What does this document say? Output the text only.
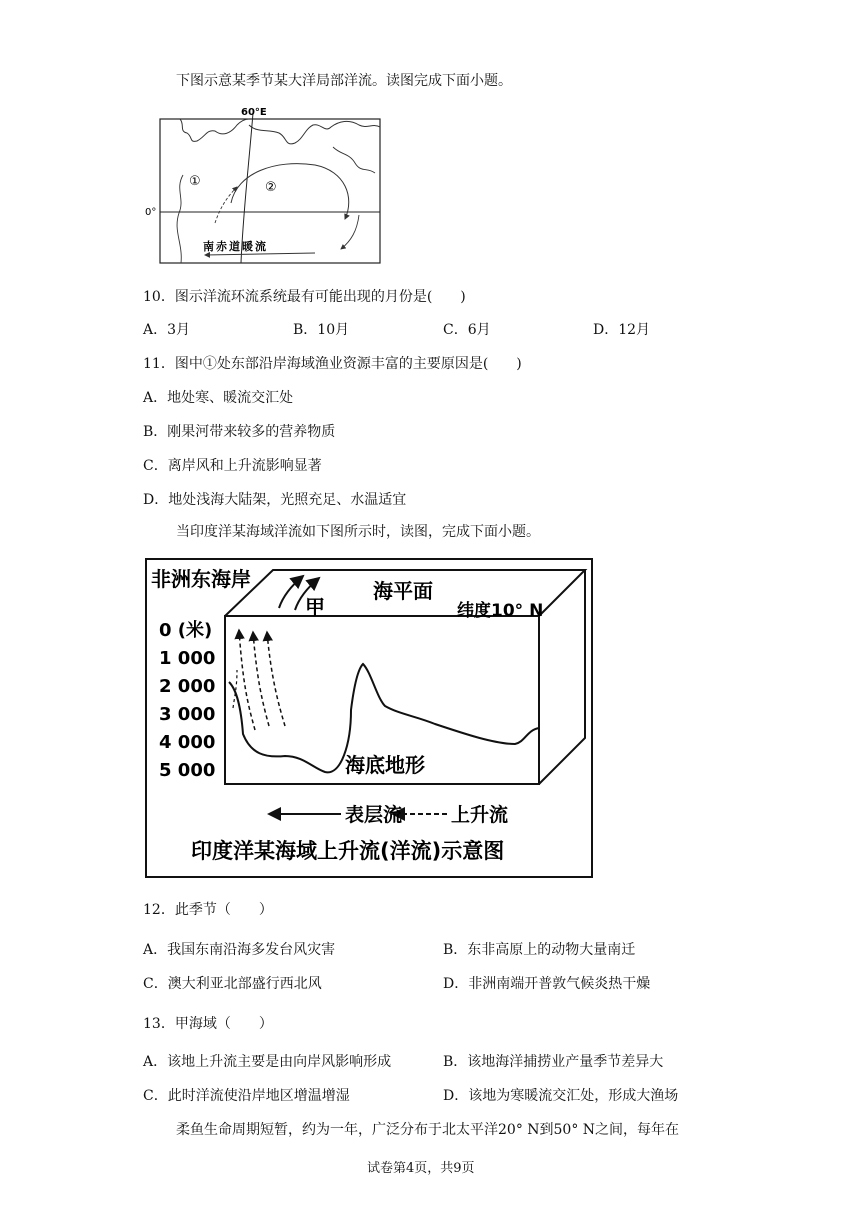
下图示意某季节某大洋局部洋流。读图完成下面小题。
60°E
0°
①	②
南赤道暖流
10．图示洋流环流系统最有可能出现的月份是(　　)
A．3月	B．10月	C．6月	D．12月
11．图中①处东部沿岸海域渔业资源丰富的主要原因是(　　)
A．地处寒、暖流交汇处
B．刚果河带来较多的营养物质
C．离岸风和上升流影响显著
D．地处浅海大陆架，光照充足、水温适宜
当印度洋某海域洋流如下图所示时，读图，完成下面小题。
非洲东海岸
甲
海平面
纬度10° N
0 (米)
1 000
2 000
3 000
4 000
5 000	海底地形
表层流	上升流
印度洋某海域上升流(洋流)示意图
12．此季节（　　）
A．我国东南沿海多发台风灾害	B．东非高原上的动物大量南迁
C．澳大利亚北部盛行西北风	D．非洲南端开普敦气候炎热干燥
13．甲海域（　　）
A．该地上升流主要是由向岸风影响形成	B．该地海洋捕捞业产量季节差异大
C．此时洋流使沿岸地区增温增湿	D．该地为寒暖流交汇处，形成大渔场
柔鱼生命周期短暂，约为一年，广泛分布于北太平洋20° N到50° N之间，每年在
试卷第4页，共9页
